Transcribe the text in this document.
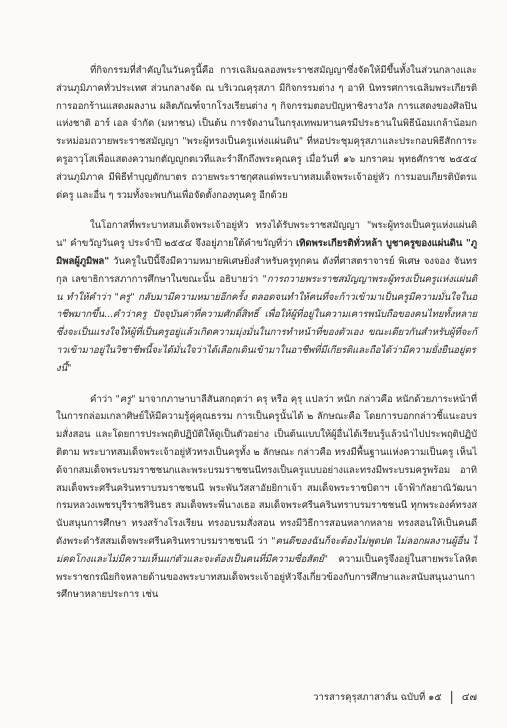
ที่กิจกรรมที่สำคัญในวันครูนี้คือ การเฉลิมฉลองพระราชสมัญญาซึ่งจัดให้มีขึ้นทั้งในส่วนกลางและส่วนภูมิภาคทั่วประเทศ ส่วนกลางจัด ณ บริเวณคุรุสภา มีกิจกรรมต่าง ๆ อาทิ นิทรรศการเฉลิมพระเกียรติ การออกร้านแสดงผลงาน ผลิตภัณฑ์จากโรงเรียนต่าง ๆ กิจกรรมตอบปัญหาชิงรางวัล การแสดงของศิลปินแห่งชาติ อาร์ เอล จำกัด (มหาชน) เป็นต้น การจัดงานในกรุงเทพมหานครมีประธานในพิธีน้อมเกล้าน้อมกระหม่อมถวายพระราชสมัญญา "พระผู้ทรงเป็นครูแห่งแผ่นดิน" ที่หอประชุมคุรุสภาและประกอบพิธีสักการะครูอาวุโสเพื่อแสดงความกตัญญูกตเวทีและรำลึกถึงพระคุณครู เมื่อวันที่ ๑๖ มกราคม พุทธศักราช ๒๕๕๔ ส่วนภูมิภาค มีพิธีทำบุญตักบาตร ถวายพระราชกุศลแด่พระบาทสมเด็จพระเจ้าอยู่หัว การมอบเกียรติบัตรแด่ครู และอื่น ๆ รวมทั้งจะพบกันเพื่อจัดตั้งกองทุนครู อีกด้วย

ในโอกาสที่พระบาทสมเด็จพระเจ้าอยู่หัว ทรงได้รับพระราชสมัญญา "พระผู้ทรงเป็นครูแห่งแผ่นดิน" คำขวัญวันครู ประจำปี ๒๕๕๔ จึงอยู่ภายใต้คำขวัญที่ว่า เทิดพระเกียรติทั่วหล้า บูชาครูของแผ่นดิน "ภูมิพลผู้ภูมิพล" วันครูในปีนี้จึงมีความหมายพิเศษยิ่งสำหรับครูทุกคน ดังที่ศาสตราจารย์ พิเศษ จงจอง จันทรกุล เลขาธิการสภาการศึกษาในขณะนั้น อธิบายว่า "การถวายพระราชสมัญญาพระผู้ทรงเป็นครูแห่งแผ่นดิน ทำให้คำว่า "ครู" กลับมามีความหมายอีกครั้ง ตลอดจนทำให้คนที่จะก้าวเข้ามาเป็นครูมีความมั่นใจในอาชีพมากขึ้น...คำว่าครู ปัจจุบันค่าที่ความศักดิ์สิทธิ์ เพื่อให้ผู้ที่อยู่ในความเคารพนับถือของคนไทยทั้งหลายซึ่งจะเป็นแรงใจให้ผู้ที่เป็นครูอยู่แล้วเกิดความมุ่งมั่นในการทำหน้าที่ของตัวเอง ขณะเดียวกันสำหรับผู้ที่จะก้าวเข้ามาอยู่ในวิชาชีพนี้จะได้มั่นใจว่าได้เลือกเดินเข้ามาในอาชีพที่มีเกียรติและถือได้ว่ามีความยั่งยืนอยู่ตรงนี้"

คำว่า "ครู" มาจากภาษาบาลีสันสกฤตว่า ครุ หรือ คุรุ แปลว่า หนัก กล่าวคือ หนักด้วยภาระหน้าที่ในการกล่อมเกลาศิษย์ให้มีความรู้คู่คุณธรรม การเป็นครูนั้นได้ ๒ ลักษณะคือ โดยการบอกกล่าวชี้แนะอบรมสั่งสอน และโดยการประพฤติปฏิบัติให้ดูเป็นตัวอย่าง เป็นต้นแบบให้ผู้อื่นได้เรียนรู้แล้วนำไปประพฤติปฏิบัติตาม พระบาทสมเด็จพระเจ้าอยู่หัวทรงเป็นครูทั้ง ๒ ลักษณะ กล่าวคือ ทรงมีพื้นฐานแห่งความเป็นครู เห็นได้จากสมเด็จพระบรมราชชนกและพระบรมราชชนนีทรงเป็นครูแบบอย่างและทรงมีพระบรมครูพร้อม อาทิ สมเด็จพระศรีนครินทราบรมราชชนนี พระพันวัสสาอัยยิกาเจ้า สมเด็จพระราชบิดาฯ เจ้าฟ้ากัลยาณิวัฒนา กรมหลวงเพชรบุรีราชสิรินธร สมเด็จพระพี่นางเธอ สมเด็จพระศรีนครินทราบรมราชชนนี ทุกพระองค์ทรงสนับสนุนการศึกษา ทรงสร้างโรงเรียน ทรงอบรมสั่งสอน ทรงมีวิธีการสอนหลากหลาย ทรงสอนให้เป็นคนดี ดังพระดำรัสสมเด็จพระศรีนครินทราบรมราชชนนี ว่า "คนดีของฉันก็จะต้องไม่พูดปด ไม่ลอกผลงานผู้อื่น ไม่คดโกงและไม่มีความเห็นแก่ตัวและจะต้องเป็นคนที่มีความซื่อสัตย์" ความเป็นครูจึงอยู่ในสายพระโลหิต พระราชกรณียกิจหลายด้านของพระบาทสมเด็จพระเจ้าอยู่หัวจึงเกี่ยวข้องกับการศึกษาและสนับสนุนงานการศึกษาหลายประการ เช่น

วารสารคุรุสภาสาส์น ฉบับที่ ๑๕ | ๔๗
